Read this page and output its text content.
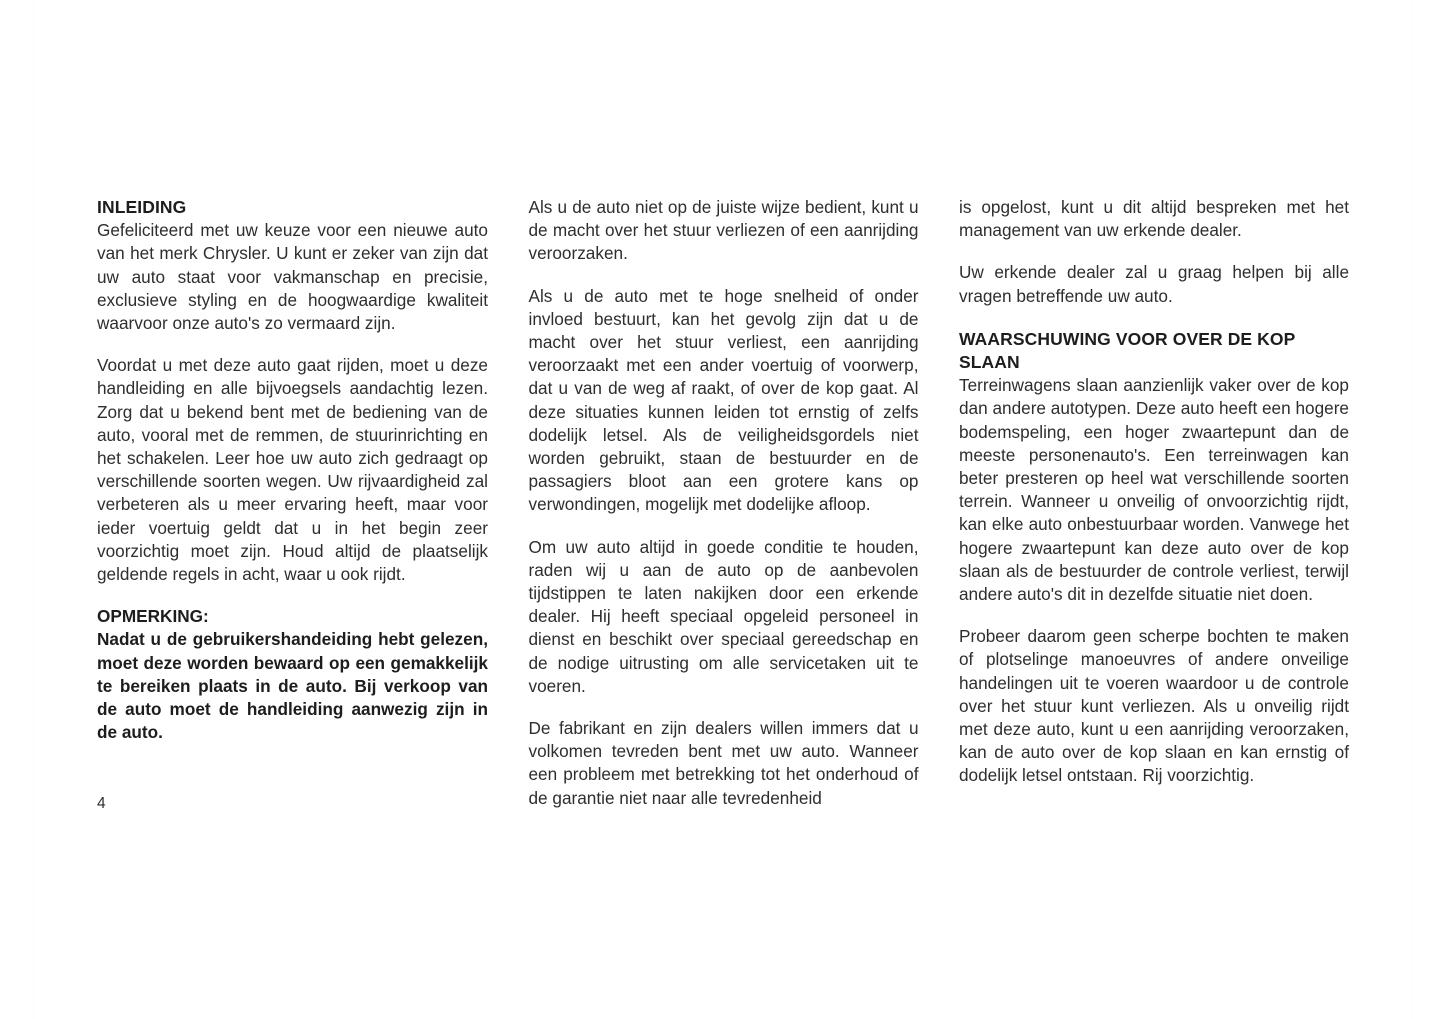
INLEIDING

Gefeliciteerd met uw keuze voor een nieuwe auto van het merk Chrysler. U kunt er zeker van zijn dat uw auto staat voor vakmanschap en precisie, exclusieve styling en de hoogwaardige kwaliteit waarvoor onze auto's zo vermaard zijn.

Voordat u met deze auto gaat rijden, moet u deze handleiding en alle bijvoegsels aandachtig lezen. Zorg dat u bekend bent met de bediening van de auto, vooral met de remmen, de stuurinrichting en het schakelen. Leer hoe uw auto zich gedraagt op verschillende soorten wegen. Uw rijvaardigheid zal verbeteren als u meer ervaring heeft, maar voor ieder voertuig geldt dat u in het begin zeer voorzichtig moet zijn. Houd altijd de plaatselijk geldende regels in acht, waar u ook rijdt.

OPMERKING:

Nadat u de gebruikershandeiding hebt gelezen, moet deze worden bewaard op een gemakkelijk te bereiken plaats in de auto. Bij verkoop van de auto moet de handleiding aanwezig zijn in de auto.

Als u de auto niet op de juiste wijze bedient, kunt u de macht over het stuur verliezen of een aanrijding veroorzaken.

Als u de auto met te hoge snelheid of onder invloed bestuurt, kan het gevolg zijn dat u de macht over het stuur verliest, een aanrijding veroorzaakt met een ander voertuig of voorwerp, dat u van de weg af raakt, of over de kop gaat. Al deze situaties kunnen leiden tot ernstig of zelfs dodelijk letsel. Als de veiligheidsgordels niet worden gebruikt, staan de bestuurder en de passagiers bloot aan een grotere kans op verwondingen, mogelijk met dodelijke afloop.

Om uw auto altijd in goede conditie te houden, raden wij u aan de auto op de aanbevolen tijdstippen te laten nakijken door een erkende dealer. Hij heeft speciaal opgeleid personeel in dienst en beschikt over speciaal gereedschap en de nodige uitrusting om alle servicetaken uit te voeren.

De fabrikant en zijn dealers willen immers dat u volkomen tevreden bent met uw auto. Wanneer een probleem met betrekking tot het onderhoud of de garantie niet naar alle tevredenheid

is opgelost, kunt u dit altijd bespreken met het management van uw erkende dealer.

Uw erkende dealer zal u graag helpen bij alle vragen betreffende uw auto.

WAARSCHUWING VOOR OVER DE KOP SLAAN

Terreinwagens slaan aanzienlijk vaker over de kop dan andere autotypen. Deze auto heeft een hogere bodemspeling, een hoger zwaartepunt dan de meeste personenauto's. Een terreinwagen kan beter presteren op heel wat verschillende soorten terrein. Wanneer u onveilig of onvoorzichtig rijdt, kan elke auto onbestuurbaar worden. Vanwege het hogere zwaartepunt kan deze auto over de kop slaan als de bestuurder de controle verliest, terwijl andere auto's dit in dezelfde situatie niet doen.

Probeer daarom geen scherpe bochten te maken of plotselinge manoeuvres of andere onveilige handelingen uit te voeren waardoor u de controle over het stuur kunt verliezen. Als u onveilig rijdt met deze auto, kunt u een aanrijding veroorzaken, kan de auto over de kop slaan en kan ernstig of dodelijk letsel ontstaan. Rij voorzichtig.

4
